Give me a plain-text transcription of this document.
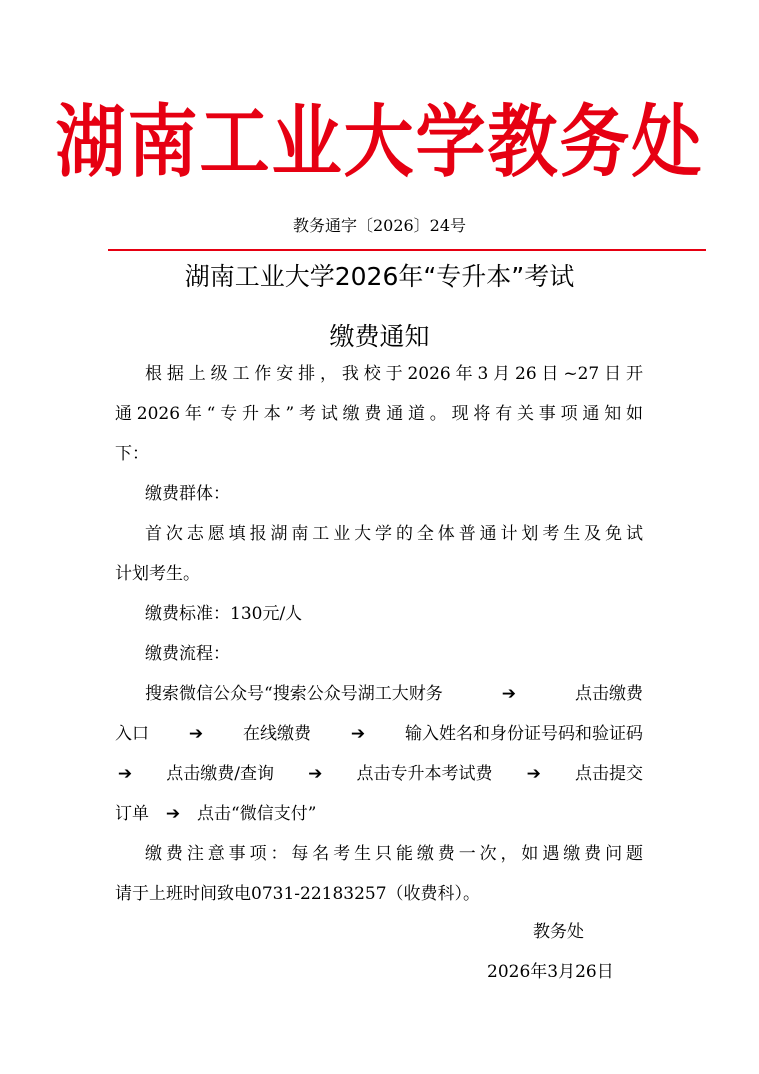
湖南工业大学教务处
教务通字〔2026〕24号
湖南工业大学2026年“专升本”考试
缴费通知
根据上级工作安排，我校于2026年3月26日~27日开
通2026年“专升本”考试缴费通道。现将有关事项通知如
下：
缴费群体：
首次志愿填报湖南工业大学的全体普通计划考生及免试
计划考生。
缴费标准：130元/人
缴费流程：
搜索微信公众号“搜索公众号湖工大财务	➔	点击缴费
入口 ➔ 在线缴费 ➔ 输入姓名和身份证号码和验证码
➔ 点击缴费/查询 ➔ 点击专升本考试费 ➔ 点击提交
订单 ➔ 点击“微信支付”
缴费注意事项：每名考生只能缴费一次，如遇缴费问题
请于上班时间致电0731-22183257（收费科）。
教务处
2026年3月26日
